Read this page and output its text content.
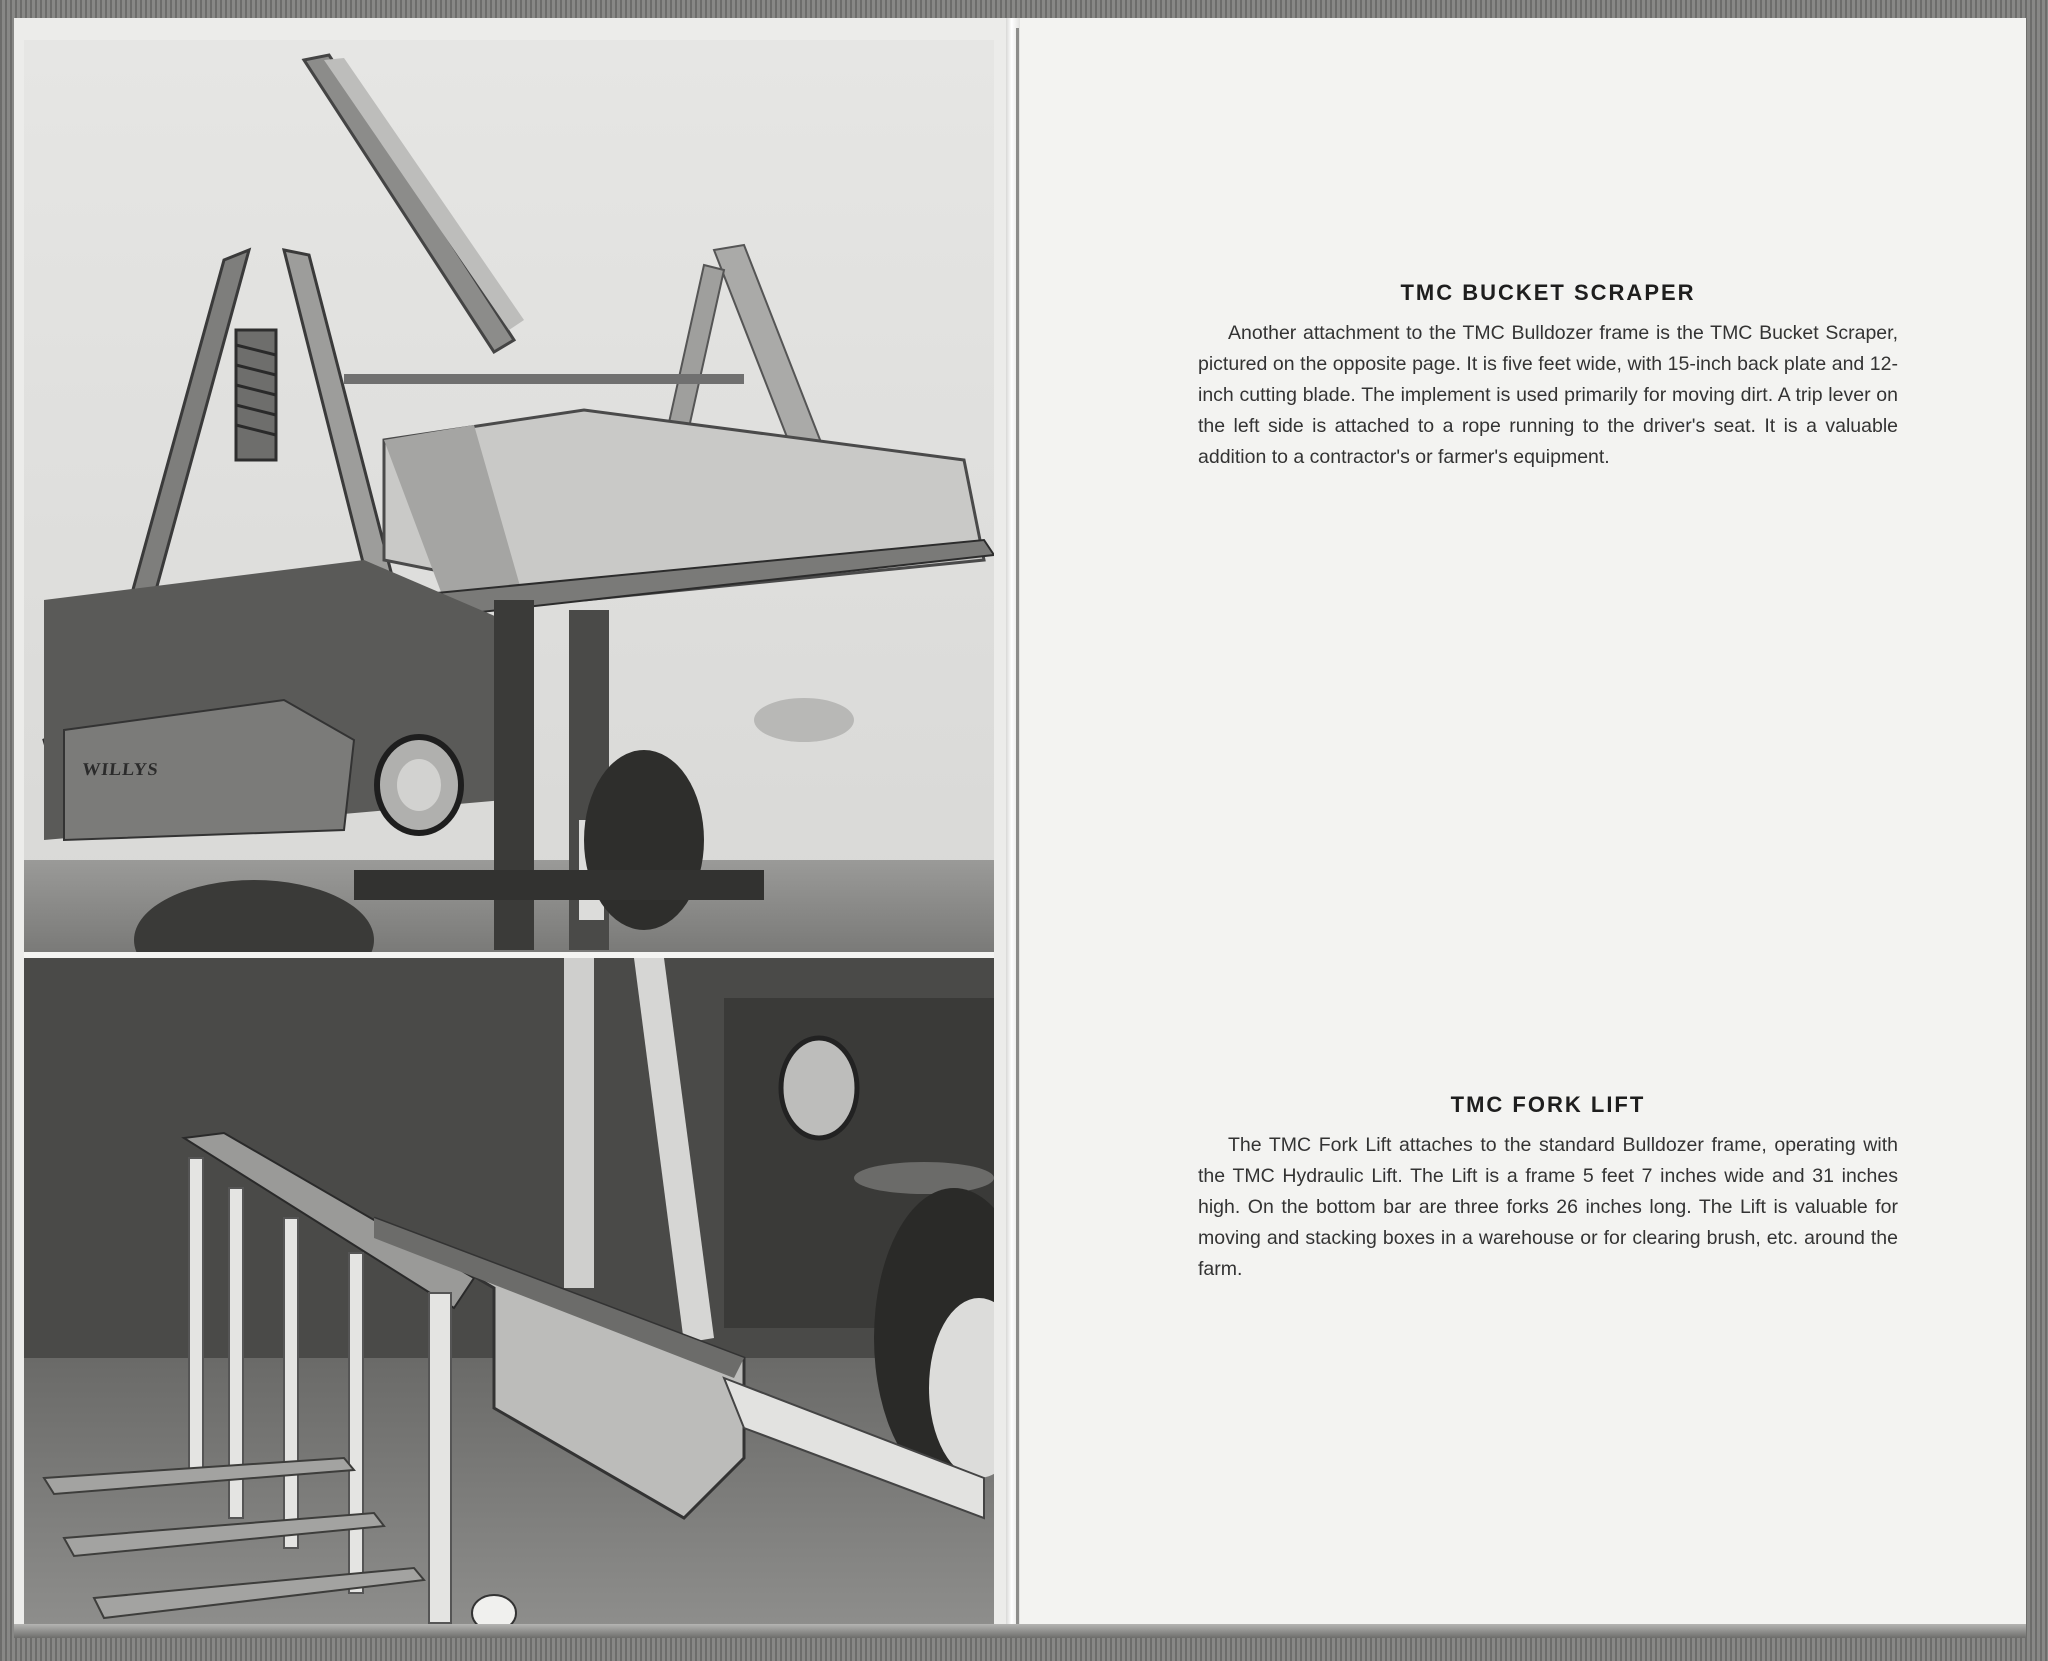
WILLYS
TMC BUCKET SCRAPER

Another attachment to the TMC Bulldozer frame is the TMC Bucket Scraper, pictured on the opposite page. It is five feet wide, with 15-inch back plate and 12-inch cutting blade. The implement is used primarily for moving dirt. A trip lever on the left side is attached to a rope running to the driver's seat. It is a valuable addition to a contractor's or farmer's equipment.

TMC FORK LIFT

The TMC Fork Lift attaches to the standard Bulldozer frame, operating with the TMC Hydraulic Lift. The Lift is a frame 5 feet 7 inches wide and 31 inches high. On the bottom bar are three forks 26 inches long. The Lift is valuable for moving and stacking boxes in a warehouse or for clearing brush, etc. around the farm.
